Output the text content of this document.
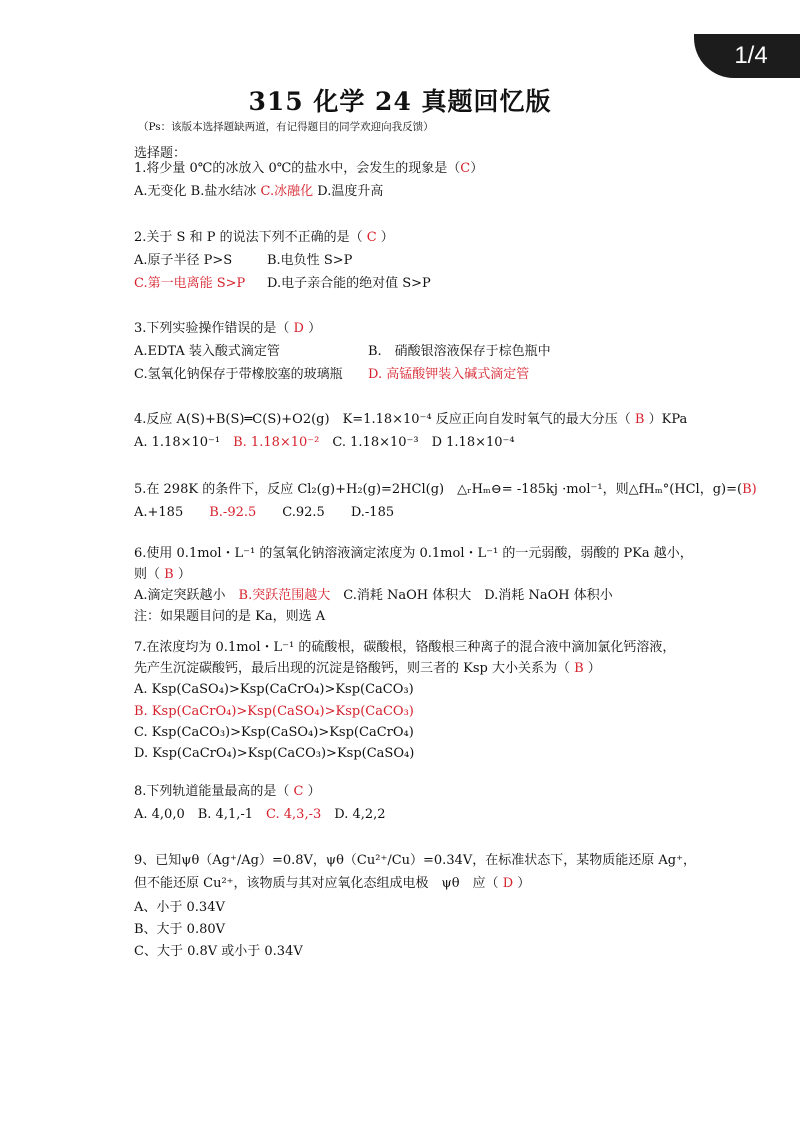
1/4
315 化学 24 真题回忆版
（Ps：该版本选择题缺两道，有记得题目的同学欢迎向我反馈）
选择题：
1.将少量 0℃的冰放入 0℃的盐水中，会发生的现象是（C）
A.无变化 B.盐水结冰 C.冰融化 D.温度升高
2.关于 S 和 P 的说法下列不正确的是（ C ）
A.原子半径 P>S	B.电负性 S>P
C.第一电离能 S>P D.电子亲合能的绝对值 S>P
3.下列实验操作错误的是（ D ）
A.EDTA 装入酸式滴定管	B.　硝酸银溶液保存于棕色瓶中
C.氢氧化钠保存于带橡胶塞的玻璃瓶 D. 高锰酸钾装入碱式滴定管
4.反应 A(S)+B(S)═C(S)+O2(g)　K=1.18×10⁻⁴ 反应正向自发时氧气的最大分压（ B ）KPa
A. 1.18×10⁻¹　B. 1.18×10⁻²　C. 1.18×10⁻³　D 1.18×10⁻⁴
5.在 298K 的条件下，反应 Cl₂(g)+H₂(g)=2HCl(g)　△ᵣHₘ⊖= -185kj ·mol⁻¹，则△fHₘ°(HCl，g)=(B)
A.+185　　B.-92.5　　C.92.5　　D.-185
6.使用 0.1mol・L⁻¹ 的氢氧化钠溶液滴定浓度为 0.1mol・L⁻¹ 的一元弱酸，弱酸的 PKa 越小，
则（ B ）
A.滴定突跃越小　B.突跃范围越大　C.消耗 NaOH 体积大　D.消耗 NaOH 体积小
注：如果题目问的是 Ka，则选 A
7.在浓度均为 0.1mol・L⁻¹ 的硫酸根，碳酸根，铬酸根三种离子的混合液中滴加氯化钙溶液，
先产生沉淀碳酸钙，最后出现的沉淀是铬酸钙，则三者的 Ksp 大小关系为（ B ）
A. Ksp(CaSO₄)>Ksp(CaCrO₄)>Ksp(CaCO₃)
B. Ksp(CaCrO₄)>Ksp(CaSO₄)>Ksp(CaCO₃)
C. Ksp(CaCO₃)>Ksp(CaSO₄)>Ksp(CaCrO₄)
D. Ksp(CaCrO₄)>Ksp(CaCO₃)>Ksp(CaSO₄)
8.下列轨道能量最高的是（ C ）
A. 4,0,0　B. 4,1,-1　C. 4,3,-3　D. 4,2,2
9、已知ψθ（Ag⁺/Ag）=0.8V，ψθ（Cu²⁺/Cu）=0.34V，在标准状态下，某物质能还原 Ag⁺，
但不能还原 Cu²⁺，该物质与其对应氧化态组成电极　ψθ　应（ D ）
A、小于 0.34V
B、大于 0.80V
C、大于 0.8V 或小于 0.34V
